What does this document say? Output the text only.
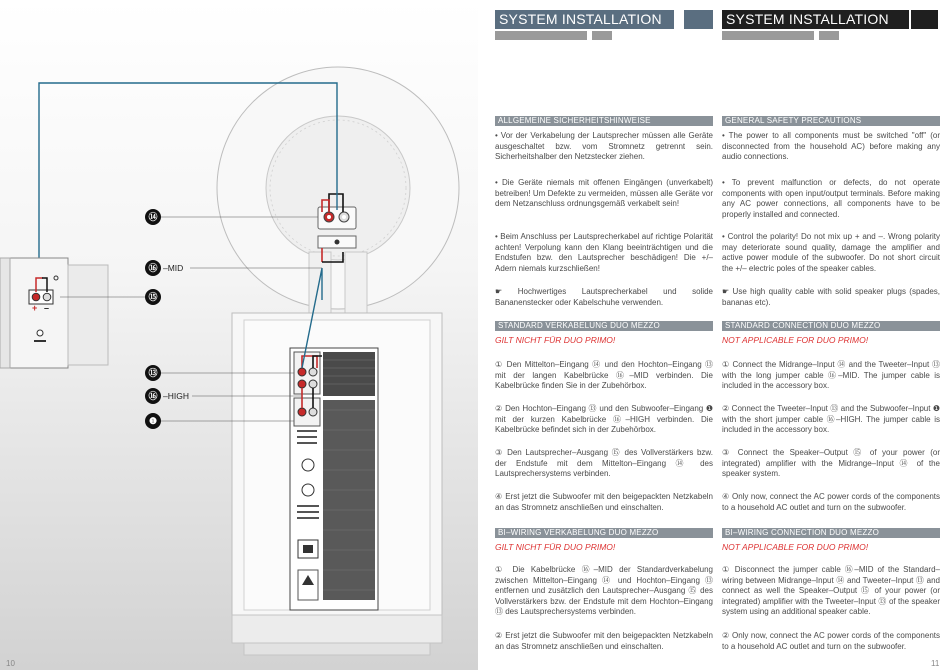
+ –
⑭
⑯ –MID
⑮
⑬
⑯ –HIGH
❶
10
SYSTEM INSTALLATION	SYSTEM INSTALLATION
ALLGEMEINE SICHERHEITSHINWEISE
• Vor der Verkabelung der Lautsprecher müssen alle Geräte ausgeschaltet bzw. vom Stromnetz getrennt sein. Sicherheitshalber den Netzstecker ziehen.
• Die Geräte niemals mit offenen Eingängen (unverkabelt) betreiben! Um Defekte zu vermeiden, müssen alle Geräte vor dem Netzanschluss ordnungsgemäß verkabelt sein!
• Beim Anschluss per Lautsprecherkabel auf richtige Polarität achten! Verpolung kann den Klang beeinträchtigen und die Endstufen bzw. den Lautsprecher beschädigen! Die +/– Adern niemals kurzschließen!
☛ Hochwertiges Lautsprecherkabel und solide Bananenstecker oder Kabelschuhe verwenden.
STANDARD VERKABELUNG DUO MEZZO
GILT NICHT FÜR DUO PRIMO!
① Den Mittelton–Eingang ⑭ und den Hochton–Eingang ⑬ mit der langen Kabelbrücke ⑯–MID verbinden. Die Kabelbrücke finden Sie in der Zubehörbox.
② Den Hochton–Eingang ⑬ und den Subwoofer–Eingang ❶ mit der kurzen Kabelbrücke ⑯–HIGH verbinden. Die Kabelbrücke befindet sich in der Zubehörbox.
③ Den Lautsprecher–Ausgang ⑮ des Vollverstärkers bzw. der Endstufe mit dem Mittelton–Eingang ⑭ des Lautsprechersystems verbinden.
④ Erst jetzt die Subwoofer mit den beigepackten Netzkabeln an das Stromnetz anschließen und einschalten.
BI–WIRING VERKABELUNG DUO MEZZO
GILT NICHT FÜR DUO PRIMO!
① Die Kabelbrücke ⑯–MID der Standardverkabelung zwischen Mittelton–Eingang ⑭ und Hochton–Eingang ⑬ entfernen und zusätzlich den Lautsprecher–Ausgang ⑮ des Vollverstärkers bzw. der Endstufe mit dem Hochton–Eingang ⑬ des Lautsprechersystems verbinden.
② Erst jetzt die Subwoofer mit den beigepackten Netzkabeln an das Stromnetz anschließen und einschalten.
GENERAL SAFETY PRECAUTIONS
• The power to all components must be switched "off" (or disconnected from the household AC) before making any audio connections.
• To prevent malfunction or defects, do not operate components with open input/output terminals. Before making any AC power connections, all components have to be properly installed and connected.
• Control the polarity! Do not mix up + and –. Wrong polarity may deteriorate sound quality, damage the amplifier and active power module of the subwoofer. Do not short circuit the +/– electric poles of the speaker cables.
☛ Use high quality cable with solid speaker plugs (spades, bananas etc).
STANDARD CONNECTION DUO MEZZO
NOT APPLICABLE FOR DUO PRIMO!
① Connect the Midrange–Input ⑭ and the Tweeter–Input ⑬ with the long jumper cable ⑯–MID. The jumper cable is included in the accessory box.
② Connect the Tweeter–Input ⑬ and the Subwoofer–Input ❶ with the short jumper cable ⑯–HIGH. The jumper cable is included in the accessory box.
③ Connect the Speaker–Output ⑮ of your power (or integrated) amplifier with the Midrange–Input ⑭ of the speaker system.
④ Only now, connect the AC power cords of the components to a household AC outlet and turn on the subwoofer.
BI–WIRING CONNECTION DUO MEZZO
NOT APPLICABLE FOR DUO PRIMO!
① Disconnect the jumper cable ⑯–MID of the Standard–wiring between Midrange–Input ⑭ and Tweeter–Input ⑬ and connect as well the Speaker–Output ⑮ of your power (or integrated) amplifier with the Tweeter–Input ⑬ of the speaker system using an additional speaker cable.
② Only now, connect the AC power cords of the components to a household AC outlet and turn on the subwoofer.
11
